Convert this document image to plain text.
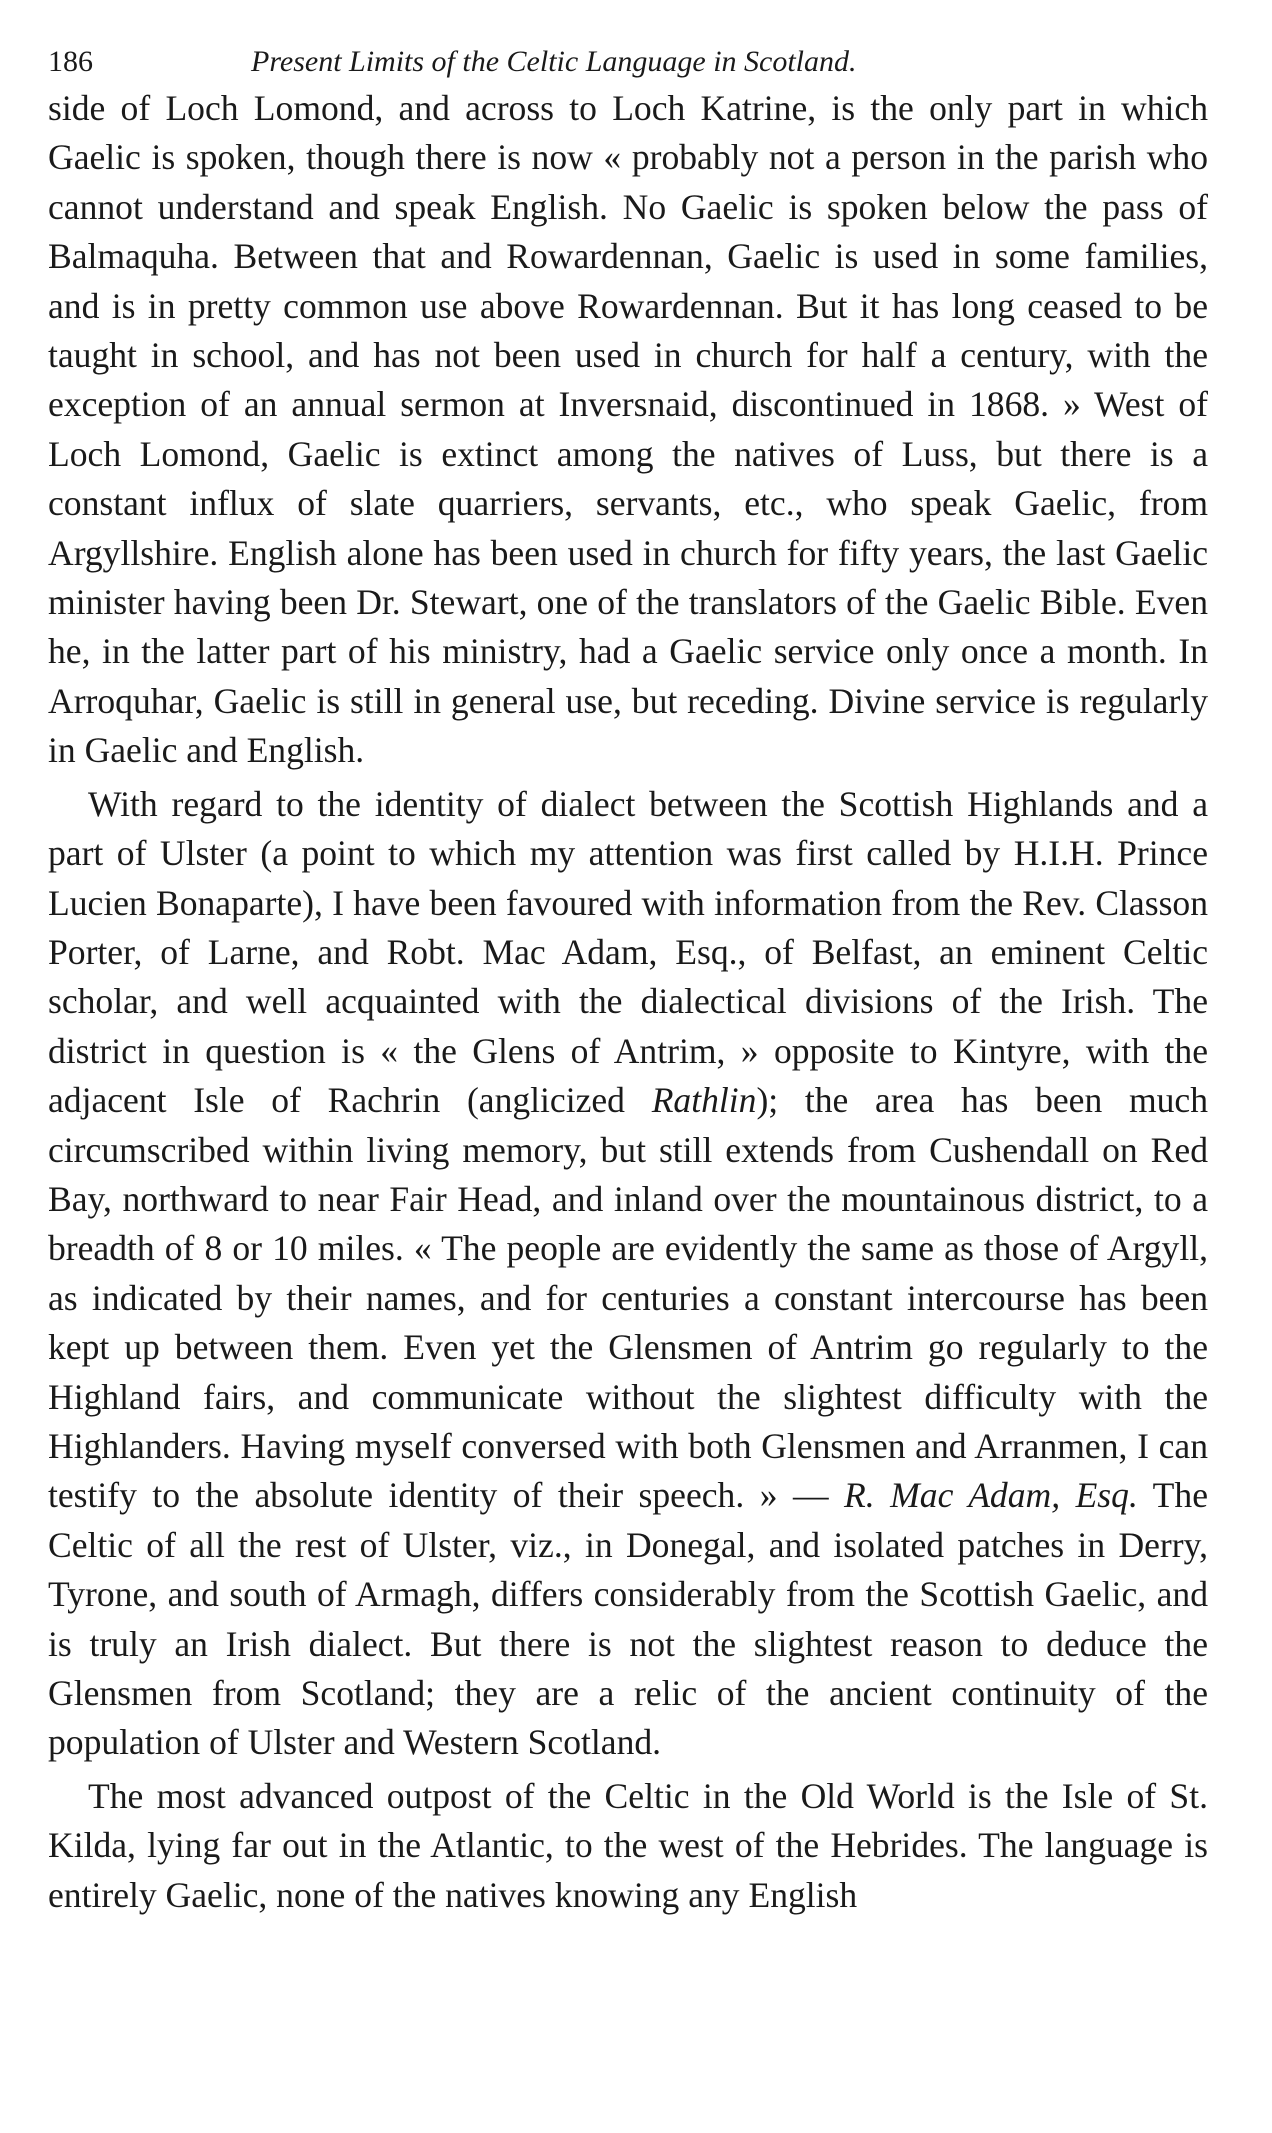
186	Present Limits of the Celtic Language in Scotland.

side of Loch Lomond, and across to Loch Katrine, is the only part in which Gaelic is spoken, though there is now « probably not a person in the parish who cannot understand and speak English. No Gaelic is spoken below the pass of Balmaquha. Between that and Rowardennan, Gaelic is used in some families, and is in pretty common use above Rowardennan. But it has long ceased to be taught in school, and has not been used in church for half a century, with the exception of an annual sermon at Inversnaid, discontinued in 1868. » West of Loch Lomond, Gaelic is extinct among the natives of Luss, but there is a constant influx of slate quarriers, servants, etc., who speak Gaelic, from Argyllshire. English alone has been used in church for fifty years, the last Gaelic minister having been Dr. Stewart, one of the translators of the Gaelic Bible. Even he, in the latter part of his ministry, had a Gaelic service only once a month. In Arroquhar, Gaelic is still in general use, but receding. Divine service is regularly in Gaelic and English.

With regard to the identity of dialect between the Scottish Highlands and a part of Ulster (a point to which my attention was first called by H.I.H. Prince Lucien Bonaparte), I have been favoured with information from the Rev. Classon Porter, of Larne, and Robt. Mac Adam, Esq., of Belfast, an eminent Celtic scholar, and well acquainted with the dialectical divisions of the Irish. The district in question is « the Glens of Antrim, » opposite to Kintyre, with the adjacent Isle of Rachrin (anglicized Rathlin); the area has been much circumscribed within living memory, but still extends from Cushendall on Red Bay, northward to near Fair Head, and inland over the mountainous district, to a breadth of 8 or 10 miles. « The people are evidently the same as those of Argyll, as indicated by their names, and for centuries a constant intercourse has been kept up between them. Even yet the Glensmen of Antrim go regularly to the Highland fairs, and communicate without the slightest difficulty with the Highlanders. Having myself conversed with both Glensmen and Arranmen, I can testify to the absolute identity of their speech. » — R. Mac Adam, Esq. The Celtic of all the rest of Ulster, viz., in Donegal, and isolated patches in Derry, Tyrone, and south of Armagh, differs considerably from the Scottish Gaelic, and is truly an Irish dialect. But there is not the slightest reason to deduce the Glensmen from Scotland; they are a relic of the ancient continuity of the population of Ulster and Western Scotland.

The most advanced outpost of the Celtic in the Old World is the Isle of St. Kilda, lying far out in the Atlantic, to the west of the Hebrides. The language is entirely Gaelic, none of the natives knowing any English
